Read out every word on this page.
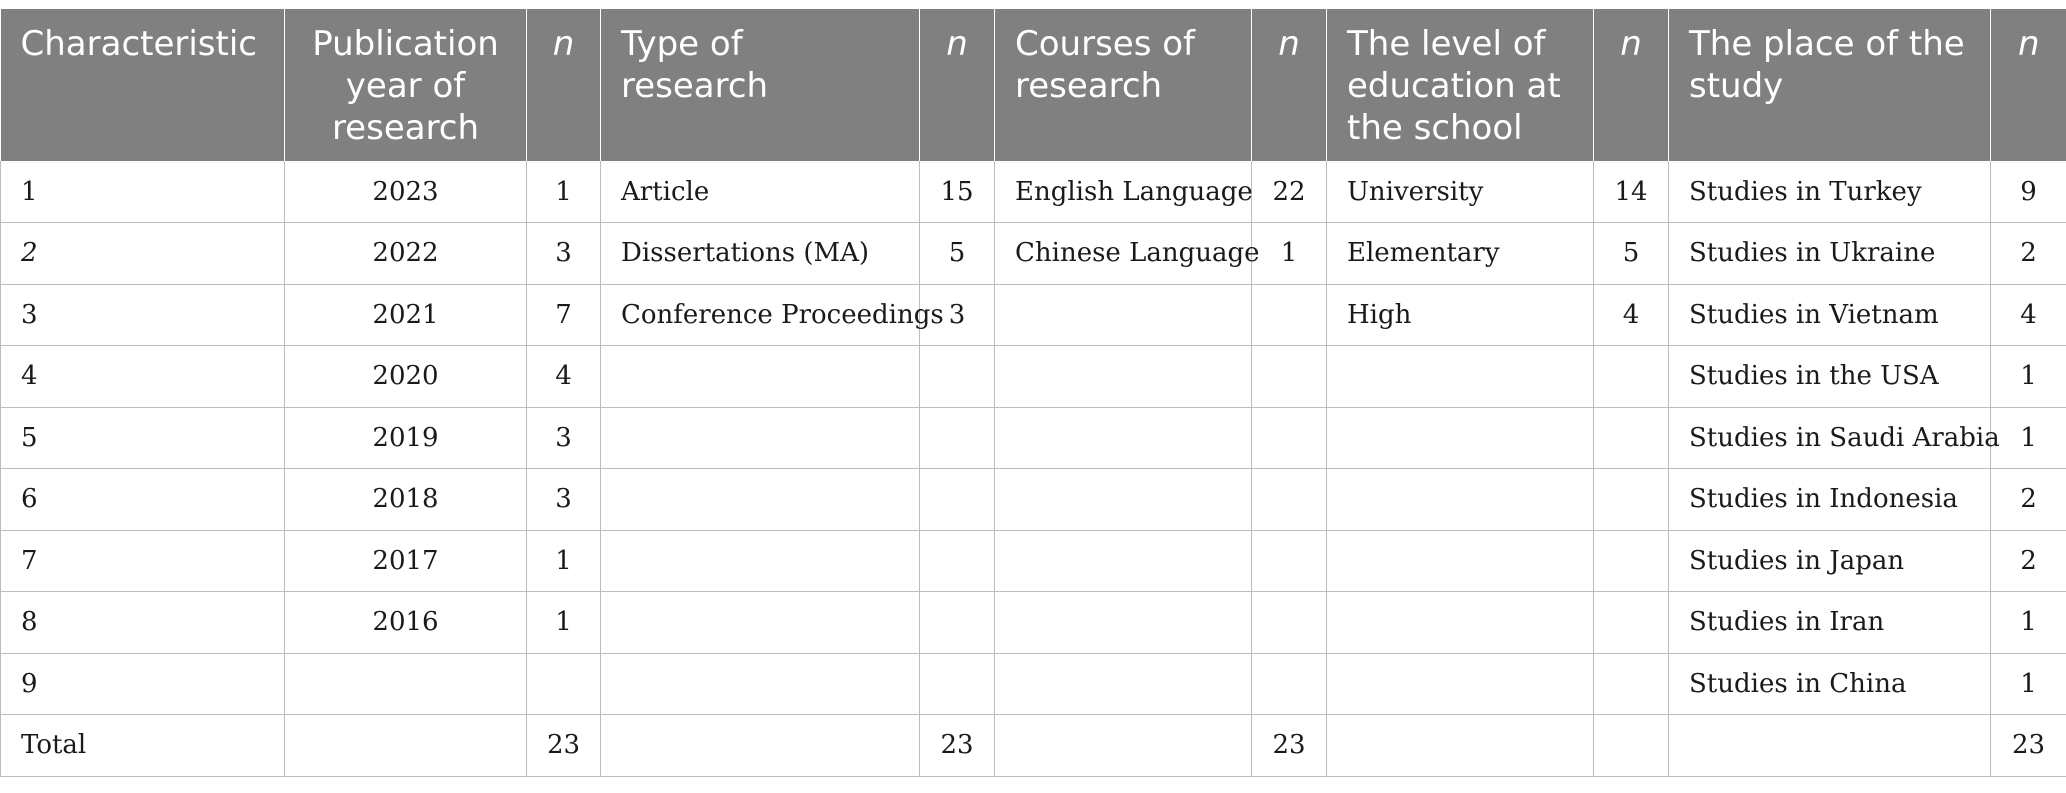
Characteristic	Publication year of research	n	Type of research	n	Courses of research	n	The level of education at the school	n	The place of the study	n
1	2023	1	Article	15	English Language	22	University	14	Studies in Turkey	9
2	2022	3	Dissertations (MA)	5	Chinese Language	1	Elementary	5	Studies in Ukraine	2
3	2021	7	Conference Proceedings	3			High	4	Studies in Vietnam	4
4	2020	4							Studies in the USA	1
5	2019	3							Studies in Saudi Arabia	1
6	2018	3							Studies in Indonesia	2
7	2017	1							Studies in Japan	2
8	2016	1							Studies in Iran	1
9									Studies in China	1
Total		23		23		23				23
